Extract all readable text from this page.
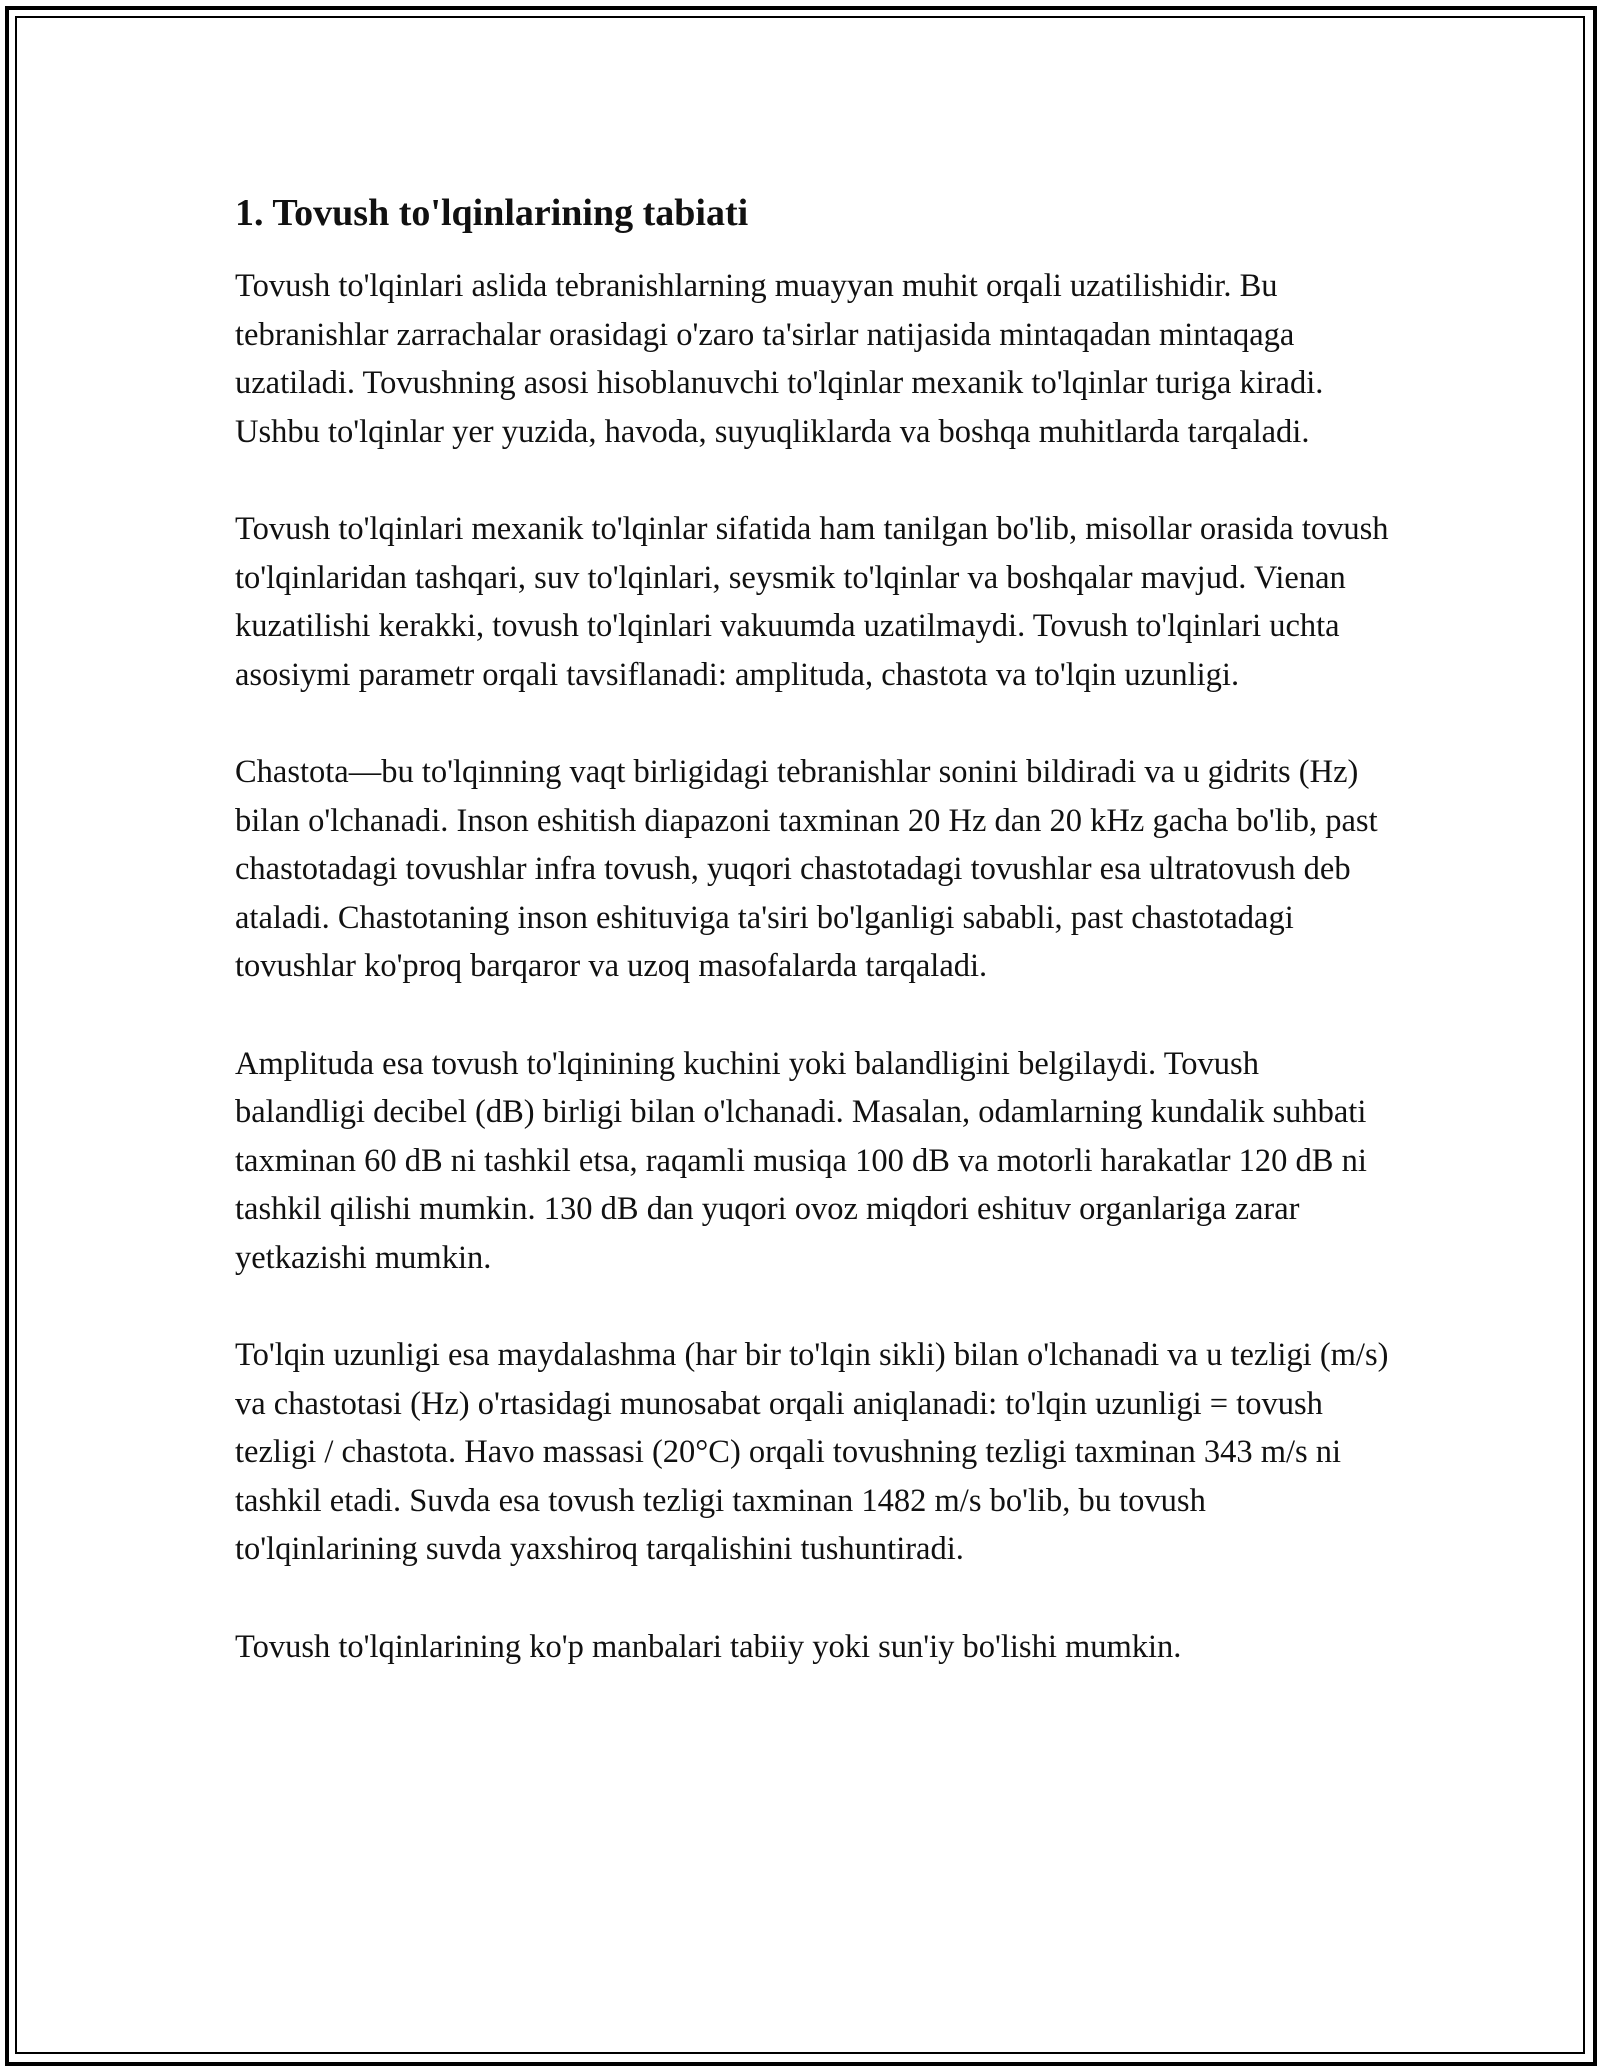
1. Tovush to'lqinlarining tabiati

Tovush to'lqinlari aslida tebranishlarning muayyan muhit orqali uzatilishidir. Bu tebranishlar zarrachalar orasidagi o'zaro ta'sirlar natijasida mintaqadan mintaqaga uzatiladi. Tovushning asosi hisoblanuvchi to'lqinlar mexanik to'lqinlar turiga kiradi. Ushbu to'lqinlar yer yuzida, havoda, suyuqliklarda va boshqa muhitlarda tarqaladi.

Tovush to'lqinlari mexanik to'lqinlar sifatida ham tanilgan bo'lib, misollar orasida tovush to'lqinlaridan tashqari, suv to'lqinlari, seysmik to'lqinlar va boshqalar mavjud. Vienan kuzatilishi kerakki, tovush to'lqinlari vakuumda uzatilmaydi. Tovush to'lqinlari uchta asosiymi parametr orqali tavsiflanadi: amplituda, chastota va to'lqin uzunligi.

Chastota—bu to'lqinning vaqt birligidagi tebranishlar sonini bildiradi va u gidrits (Hz) bilan o'lchanadi. Inson eshitish diapazoni taxminan 20 Hz dan 20 kHz gacha bo'lib, past chastotadagi tovushlar infra tovush, yuqori chastotadagi tovushlar esa ultratovush deb ataladi. Chastotaning inson eshituviga ta'siri bo'lganligi sababli, past chastotadagi tovushlar ko'proq barqaror va uzoq masofalarda tarqaladi.

Amplituda esa tovush to'lqinining kuchini yoki balandligini belgilaydi. Tovush balandligi decibel (dB) birligi bilan o'lchanadi. Masalan, odamlarning kundalik suhbati taxminan 60 dB ni tashkil etsa, raqamli musiqa 100 dB va motorli harakatlar 120 dB ni tashkil qilishi mumkin. 130 dB dan yuqori ovoz miqdori eshituv organlariga zarar yetkazishi mumkin.

To'lqin uzunligi esa maydalashma (har bir to'lqin sikli) bilan o'lchanadi va u tezligi (m/s) va chastotasi (Hz) o'rtasidagi munosabat orqali aniqlanadi: to'lqin uzunligi = tovush tezligi / chastota. Havo massasi (20°C) orqali tovushning tezligi taxminan 343 m/s ni tashkil etadi. Suvda esa tovush tezligi taxminan 1482 m/s bo'lib, bu tovush to'lqinlarining suvda yaxshiroq tarqalishini tushuntiradi.

Tovush to'lqinlarining ko'p manbalari tabiiy yoki sun'iy bo'lishi mumkin.
